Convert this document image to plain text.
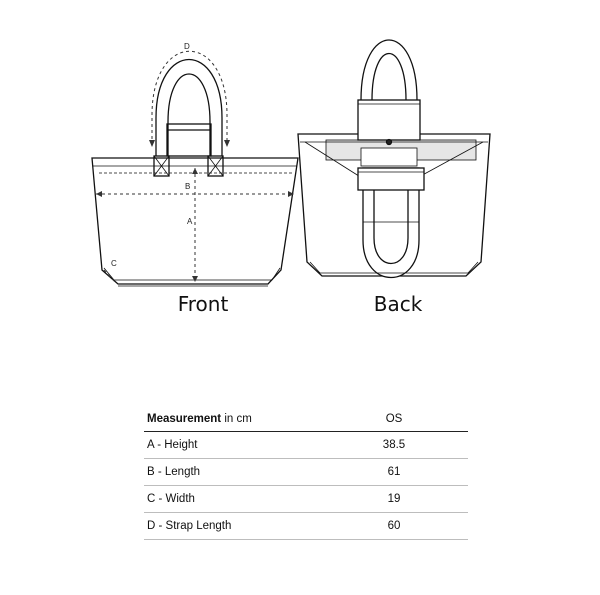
D
B
A
C
Front	Back
Measurement in cm	OS
A - Height	38.5
B - Length	61
C - Width	19
D - Strap Length	60
